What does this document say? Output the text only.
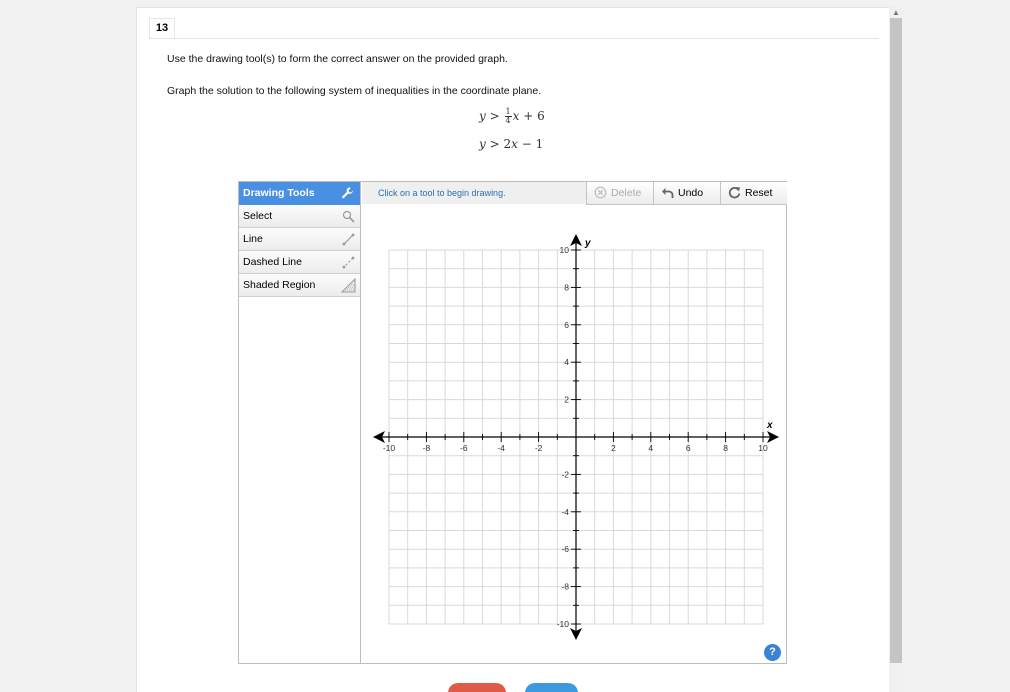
13
Use the drawing tool(s) to form the correct answer on the provided graph.
Graph the solution to the following system of inequalities in the coordinate plane.
$y > \frac{1}{4}$ x + 6
y > 2x − 1
▲
Drawing Tools
Select
Line
Dashed Line
Shaded Region
Click on a tool to begin drawing.	Delete	Undo	Reset
x
y
-10	-8	-6	-4	-2	2	4	6	8	10
10
8
6
4
2
-2
-4
-6
-8
-10
?
